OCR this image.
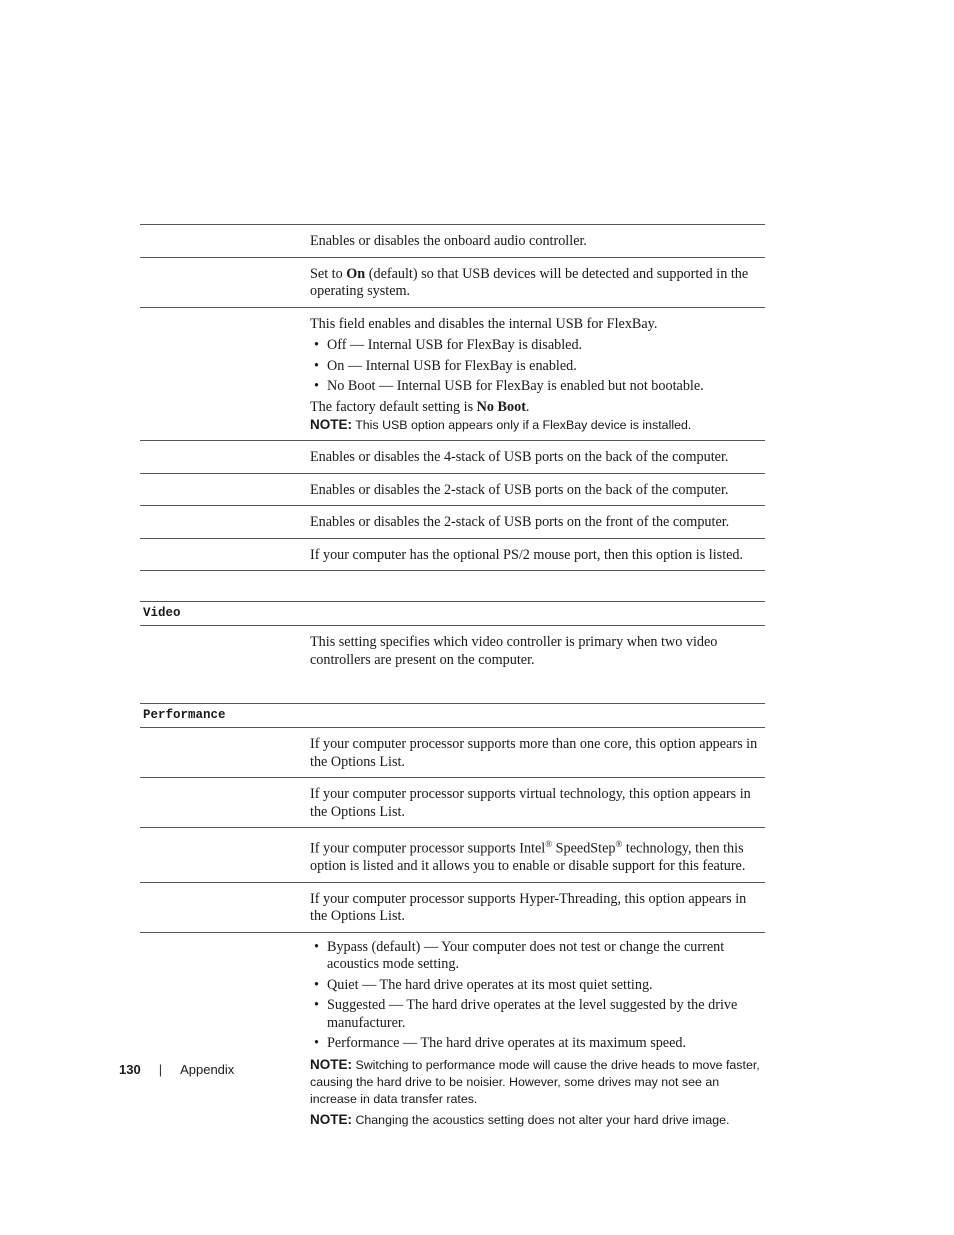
Enables or disables the onboard audio controller.

Set to On (default) so that USB devices will be detected and supported in the operating system.

This field enables and disables the internal USB for FlexBay.

• Off — Internal USB for FlexBay is disabled.
• On — Internal USB for FlexBay is enabled.
• No Boot — Internal USB for FlexBay is enabled but not bootable.

The factory default setting is No Boot.

NOTE: This USB option appears only if a FlexBay device is installed.

Enables or disables the 4-stack of USB ports on the back of the computer.

Enables or disables the 2-stack of USB ports on the back of the computer.

Enables or disables the 2-stack of USB ports on the front of the computer.

If your computer has the optional PS/2 mouse port, then this option is listed.

Video

This setting specifies which video controller is primary when two video controllers are present on the computer.

Performance

If your computer processor supports more than one core, this option appears in the Options List.

If your computer processor supports virtual technology, this option appears in the Options List.

If your computer processor supports Intel® SpeedStep® technology, then this option is listed and it allows you to enable or disable support for this feature.

If your computer processor supports Hyper-Threading, this option appears in the Options List.

• Bypass (default) — Your computer does not test or change the current acoustics mode setting.
• Quiet — The hard drive operates at its most quiet setting.
• Suggested — The hard drive operates at the level suggested by the drive manufacturer.
• Performance — The hard drive operates at its maximum speed.

NOTE: Switching to performance mode will cause the drive heads to move faster, causing the hard drive to be noisier. However, some drives may not see an increase in data transfer rates.

NOTE: Changing the acoustics setting does not alter your hard drive image.

130 | Appendix
